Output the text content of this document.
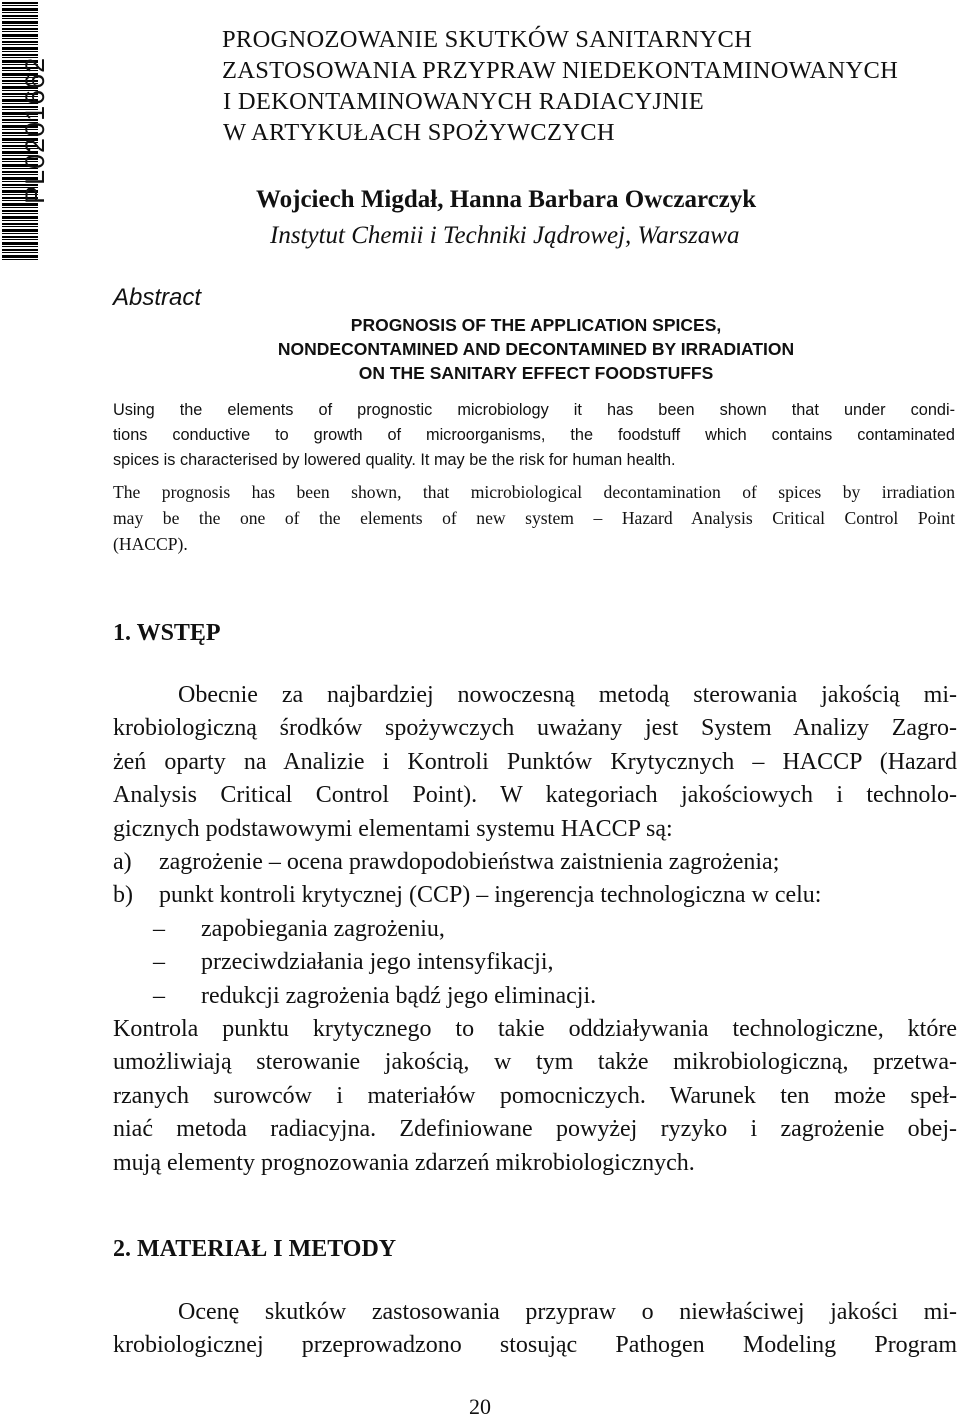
PL0201662
PROGNOZOWANIE SKUTKÓW SANITARNYCH
ZASTOSOWANIA PRZYPRAW NIEDEKONTAMINOWANYCH
I DEKONTAMINOWANYCH RADIACYJNIE
W ARTYKUŁACH SPOŻYWCZYCH
Wojciech Migdał, Hanna Barbara Owczarczyk
Instytut Chemii i Techniki Jądrowej, Warszawa
Abstract
PROGNOSIS OF THE APPLICATION SPICES,
NONDECONTAMINED AND DECONTAMINED BY IRRADIATION
ON THE SANITARY EFFECT FOODSTUFFS
Using the elements of prognostic microbiology it has been shown that under condi-
tions conductive to growth of microorganisms, the foodstuff which contains contaminated
spices is characterised by lowered quality. It may be the risk for human health.
The prognosis has been shown, that microbiological decontamination of spices by irradiation
may be the one of the elements of new system – Hazard Analysis Critical Control Point
(HACCP).
1. WSTĘP
Obecnie za najbardziej nowoczesną metodą sterowania jakością mi-
krobiologiczną środków spożywczych uważany jest System Analizy Zagro-
żeń oparty na Analizie i Kontroli Punktów Krytycznych – HACCP (Hazard
Analysis Critical Control Point). W kategoriach jakościowych i technolo-
gicznych podstawowymi elementami systemu HACCP są:
a) zagrożenie – ocena prawdopodobieństwa zaistnienia zagrożenia;
b) punkt kontroli krytycznej (CCP) – ingerencja technologiczna w celu:
– zapobiegania zagrożeniu,
– przeciwdziałania jego intensyfikacji,
– redukcji zagrożenia bądź jego eliminacji.
Kontrola punktu krytycznego to takie oddziaływania technologiczne, które
umożliwiają sterowanie jakością, w tym także mikrobiologiczną, przetwa-
rzanych surowców i materiałów pomocniczych. Warunek ten może speł-
niać metoda radiacyjna. Zdefiniowane powyżej ryzyko i zagrożenie obej-
mują elementy prognozowania zdarzeń mikrobiologicznych.
2. MATERIAŁ I METODY
Ocenę skutków zastosowania przypraw o niewłaściwej jakości mi-
krobiologicznej przeprowadzono stosując Pathogen Modeling Program
20
